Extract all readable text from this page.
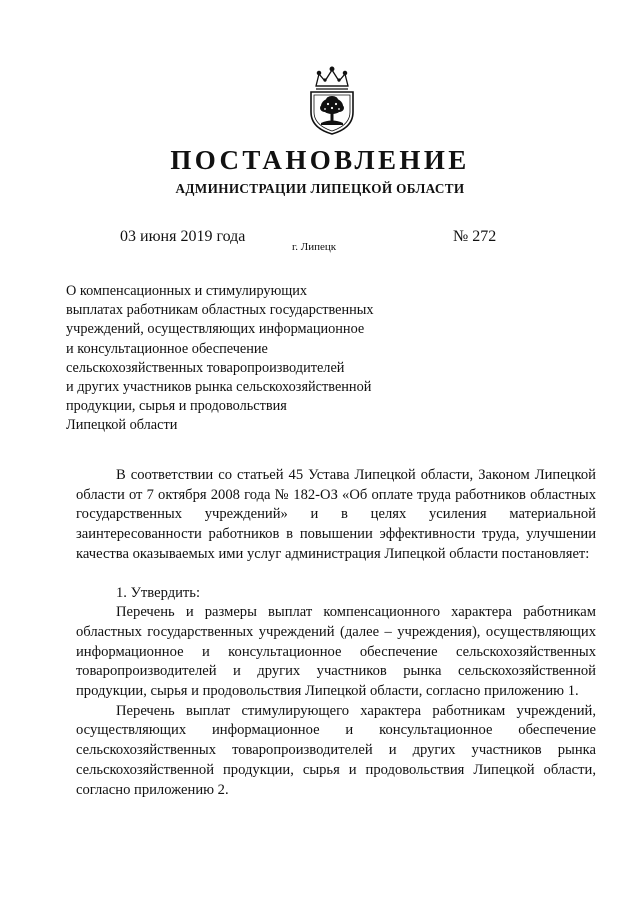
ПОСТАНОВЛЕНИЕ
АДМИНИСТРАЦИИ ЛИПЕЦКОЙ ОБЛАСТИ
03 июня 2019 года
г. Липецк
№ 272
О компенсационных и стимулирующих
выплатах работникам областных государственных
учреждений, осуществляющих информационное
и консультационное обеспечение
сельскохозяйственных товаропроизводителей
и других участников рынка сельскохозяйственной
продукции, сырья и продовольствия
Липецкой области

В соответствии со статьей 45 Устава Липецкой области, Законом Липецкой области от 7 октября 2008 года № 182-ОЗ «Об оплате труда работников областных государственных учреждений» и в целях усиления материальной заинтересованности работников в повышении эффективности труда, улучшении качества оказываемых ими услуг администрация Липецкой области постановляет:

1. Утвердить:

Перечень и размеры выплат компенсационного характера работникам областных государственных учреждений (далее – учреждения), осуществляющих информационное и консультационное обеспечение сельскохозяйственных товаропроизводителей и других участников рынка сельскохозяйственной продукции, сырья и продовольствия Липецкой области, согласно приложению 1.

Перечень выплат стимулирующего характера работникам учреждений, осуществляющих информационное и консультационное обеспечение сельскохозяйственных товаропроизводителей и других участников рынка сельскохозяйственной продукции, сырья и продовольствия Липецкой области, согласно приложению 2.
